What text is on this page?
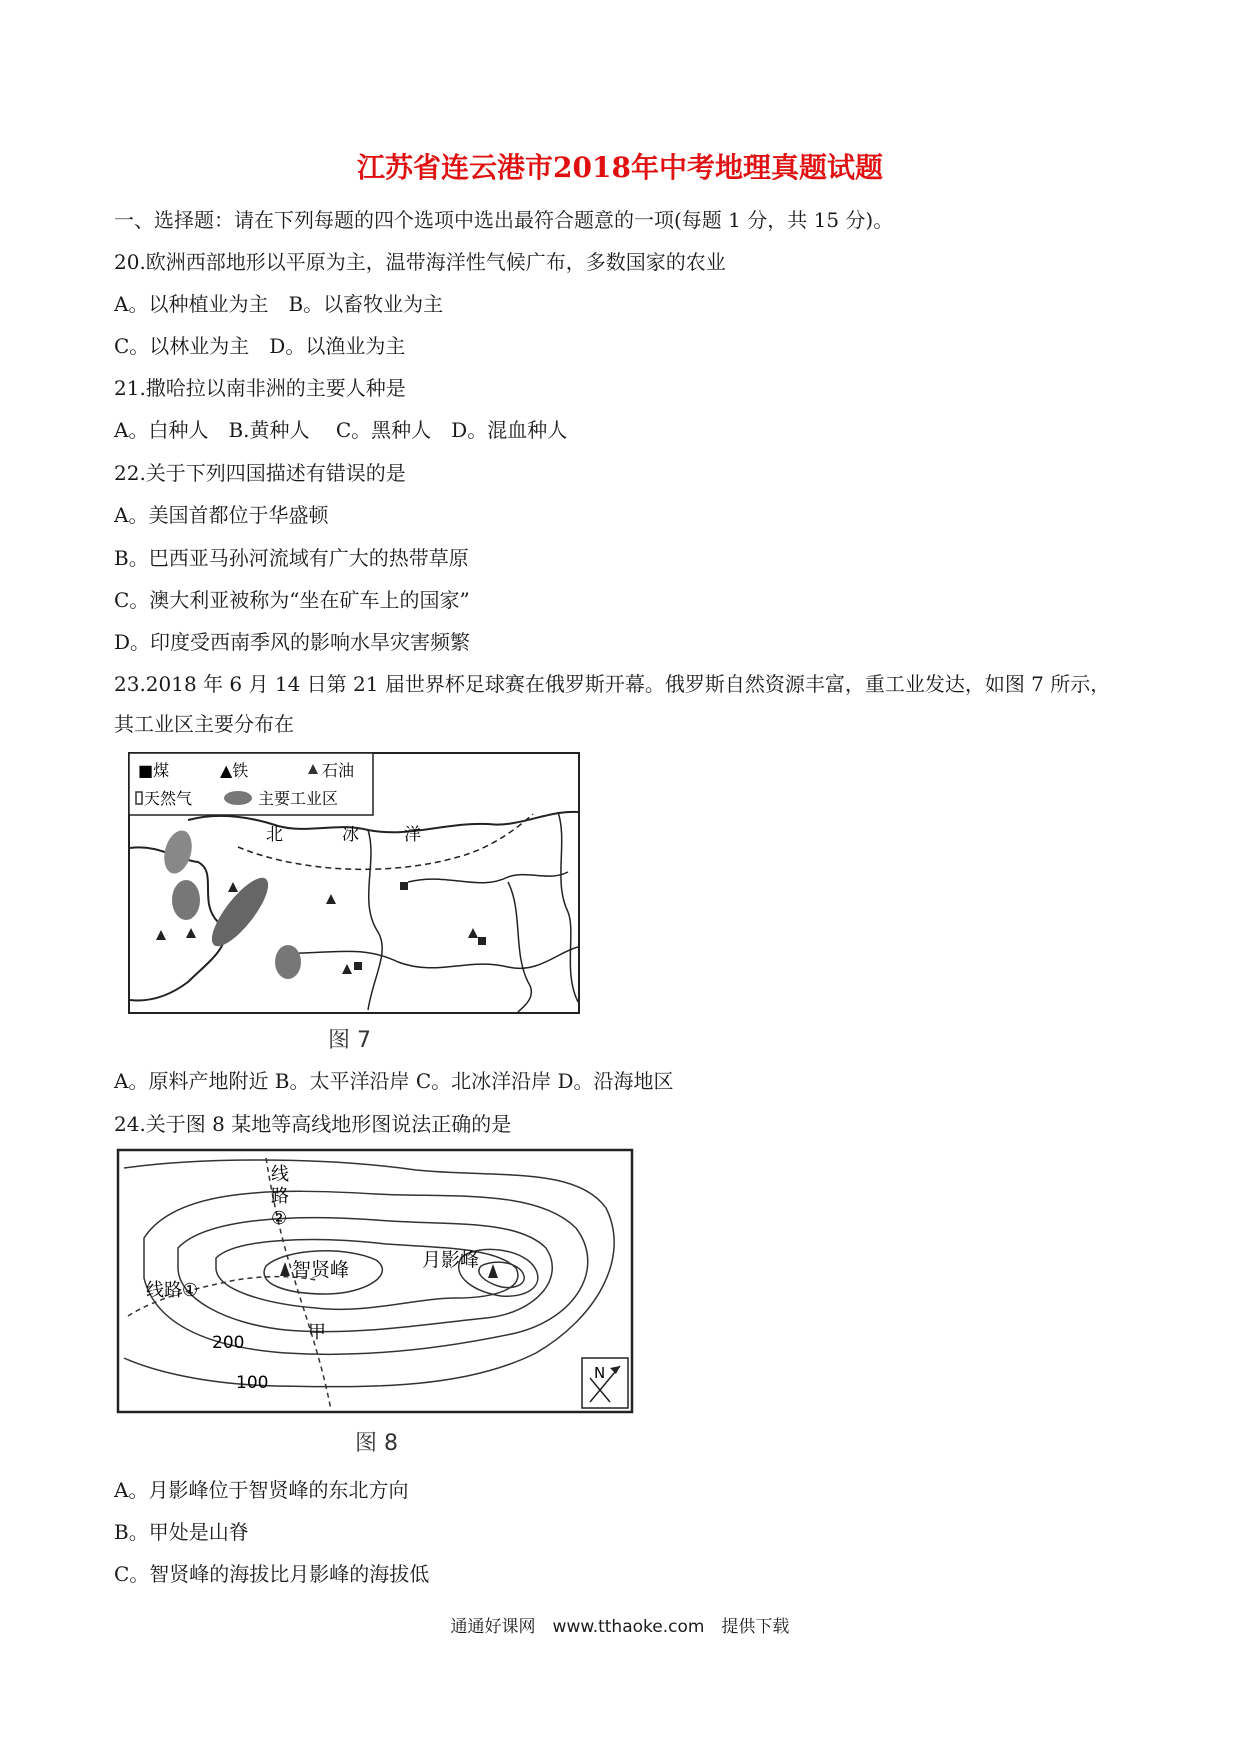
江苏省连云港市2018年中考地理真题试题
一、选择题：请在下列每题的四个选项中选出最符合题意的一项(每题 1 分，共 15 分)。
20.欧洲西部地形以平原为主，温带海洋性气候广布，多数国家的农业
A。以种植业为主　B。以畜牧业为主
C。以林业为主　D。以渔业为主
21.撒哈拉以南非洲的主要人种是
A。白种人　B.黄种人　 C。黑种人　D。混血种人
22.关于下列四国描述有错误的是
A。美国首都位于华盛顿
B。巴西亚马孙河流域有广大的热带草原
C。澳大利亚被称为“坐在矿车上的国家”
D。印度受西南季风的影响水旱灾害频繁
23.2018 年 6 月 14 日第 21 届世界杯足球赛在俄罗斯开幕。俄罗斯自然资源丰富，重工业发达，如图 7 所示，其工业区主要分布在
■煤	▲铁	石油
天然气	主要工业区
北	冰	洋
图 7
A。原料产地附近 B。太平洋沿岸 C。北冰洋沿岸 D。沿海地区
24.关于图 8 某地等高线地形图说法正确的是
线路①
线
路
②
智贤峰	月影峰
甲
200
100	N
图 8
A。月影峰位于智贤峰的东北方向
B。甲处是山脊
C。智贤峰的海拔比月影峰的海拔低
通通好课网　www.tthaoke.com　提供下载
